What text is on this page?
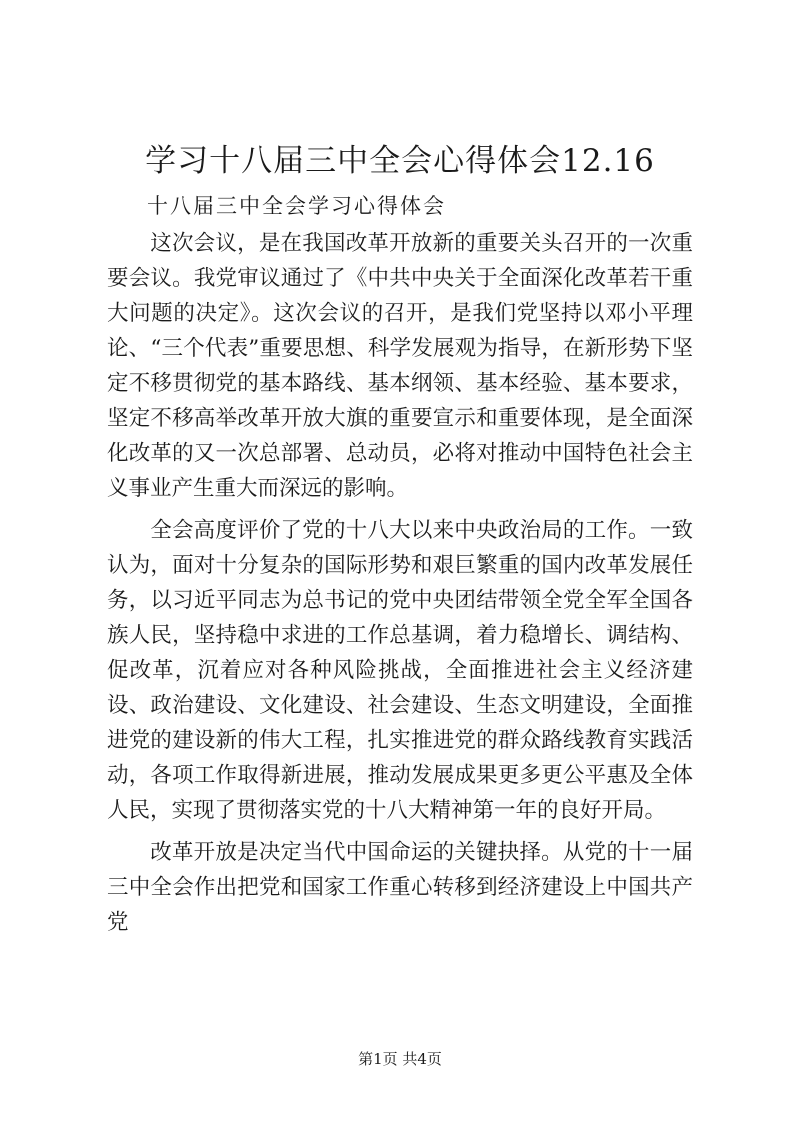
学习十八届三中全会心得体会12.16
十八届三中全会学习心得体会

这次会议，是在我国改革开放新的重要关头召开的一次重要会议。我党审议通过了《中共中央关于全面深化改革若干重大问题的决定》。这次会议的召开，是我们党坚持以邓小平理论、“三个代表”重要思想、科学发展观为指导，在新形势下坚定不移贯彻党的基本路线、基本纲领、基本经验、基本要求，坚定不移高举改革开放大旗的重要宣示和重要体现，是全面深化改革的又一次总部署、总动员，必将对推动中国特色社会主义事业产生重大而深远的影响。

全会高度评价了党的十八大以来中央政治局的工作。一致认为，面对十分复杂的国际形势和艰巨繁重的国内改革发展任务，以习近平同志为总书记的党中央团结带领全党全军全国各族人民，坚持稳中求进的工作总基调，着力稳增长、调结构、促改革，沉着应对各种风险挑战，全面推进社会主义经济建设、政治建设、文化建设、社会建设、生态文明建设，全面推进党的建设新的伟大工程，扎实推进党的群众路线教育实践活动，各项工作取得新进展，推动发展成果更多更公平惠及全体人民，实现了贯彻落实党的十八大精神第一年的良好开局。

改革开放是决定当代中国命运的关键抉择。从党的十一届三中全会作出把党和国家工作重心转移到经济建设上中国共产党

第1页 共4页
